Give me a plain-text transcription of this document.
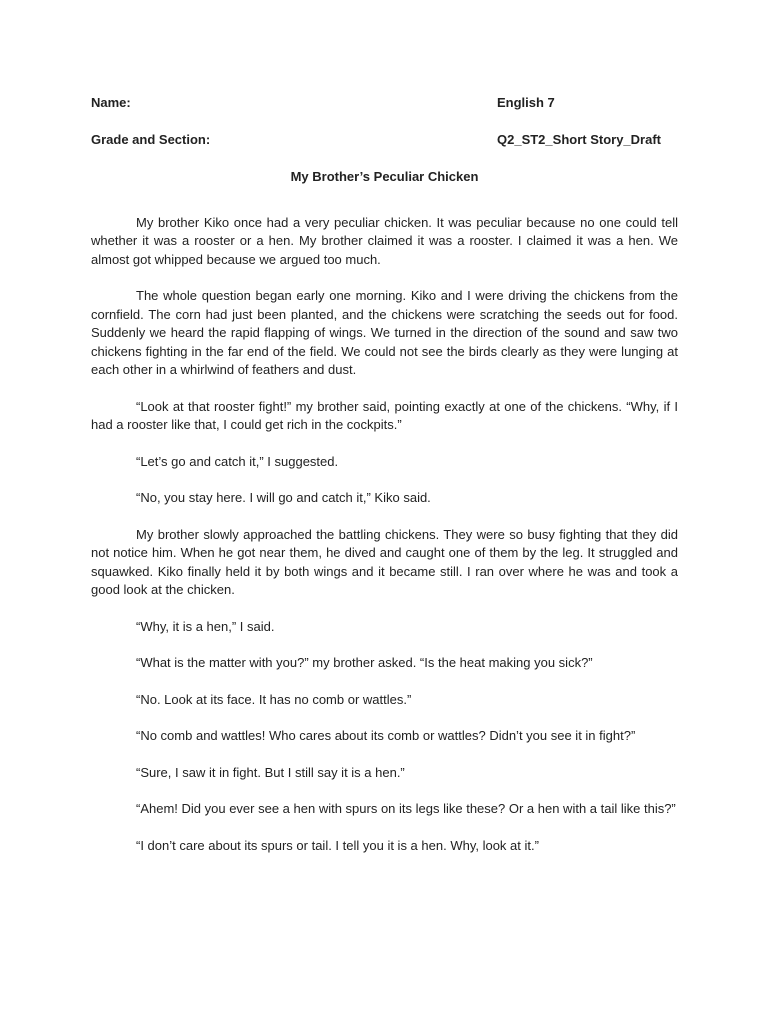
Name:	English 7
Grade and Section:	Q2_ST2_Short Story_Draft
My Brother’s Peculiar Chicken

My brother Kiko once had a very peculiar chicken. It was peculiar because no one could tell whether it was a rooster or a hen. My brother claimed it was a rooster. I claimed it was a hen. We almost got whipped because we argued too much.

The whole question began early one morning. Kiko and I were driving the chickens from the cornfield. The corn had just been planted, and the chickens were scratching the seeds out for food. Suddenly we heard the rapid flapping of wings. We turned in the direction of the sound and saw two chickens fighting in the far end of the field. We could not see the birds clearly as they were lunging at each other in a whirlwind of feathers and dust.

“Look at that rooster fight!” my brother said, pointing exactly at one of the chickens. “Why, if I had a rooster like that, I could get rich in the cockpits.”

“Let’s go and catch it,” I suggested.

“No, you stay here. I will go and catch it,” Kiko said.

My brother slowly approached the battling chickens. They were so busy fighting that they did not notice him. When he got near them, he dived and caught one of them by the leg. It struggled and squawked. Kiko finally held it by both wings and it became still. I ran over where he was and took a good look at the chicken.

“Why, it is a hen,” I said.

“What is the matter with you?” my brother asked. “Is the heat making you sick?”

“No. Look at its face. It has no comb or wattles.”

“No comb and wattles! Who cares about its comb or wattles? Didn’t you see it in fight?”

“Sure, I saw it in fight. But I still say it is a hen.”

“Ahem! Did you ever see a hen with spurs on its legs like these? Or a hen with a tail like this?”

“I don’t care about its spurs or tail. I tell you it is a hen. Why, look at it.”
